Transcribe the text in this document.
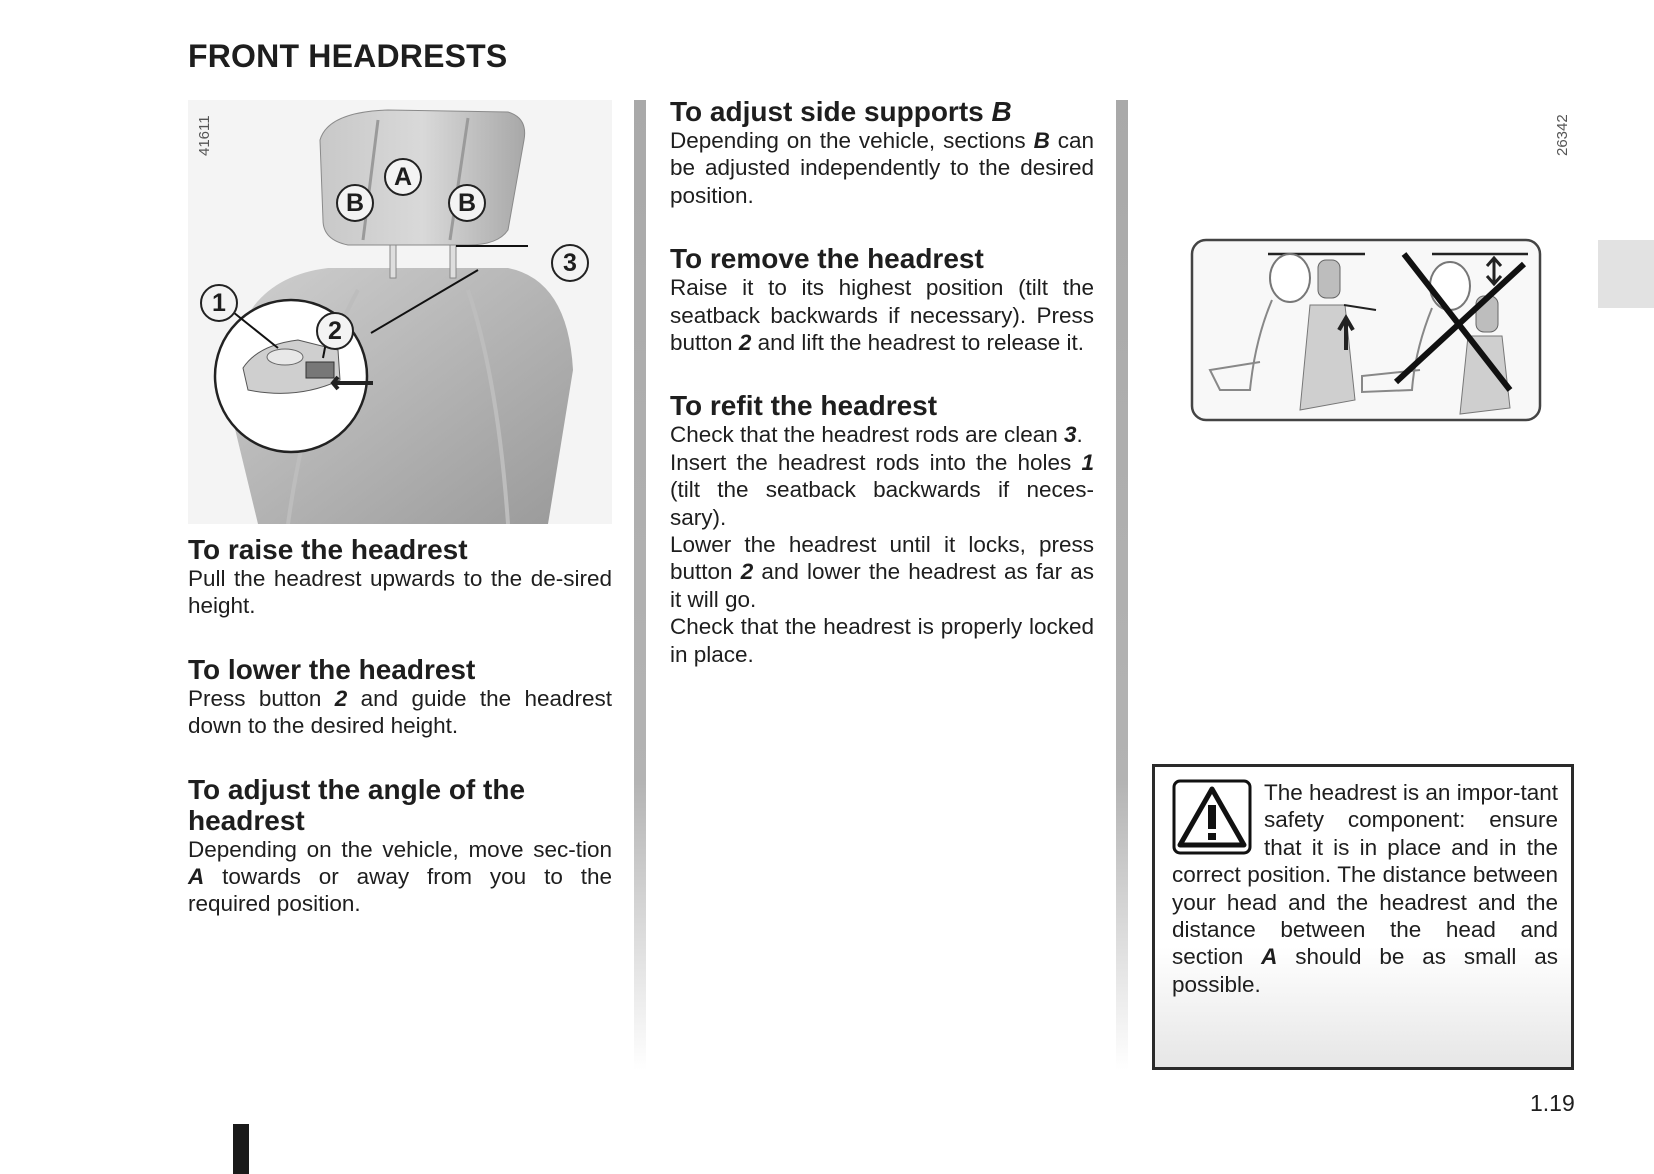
FRONT HEADRESTS
A
B	B
3
1
2
41611
To raise the headrest

Pull the headrest upwards to the de-sired height.

To lower the headrest

Press button 2 and guide the headrest down to the desired height.

To adjust the angle of the headrest

Depending on the vehicle, move sec-tion A towards or away from you to the required position.

To adjust side supports B

Depending on the vehicle, sections B can be adjusted independently to the desired position.

To remove the headrest

Raise it to its highest position (tilt the seatback backwards if necessary). Press button 2 and lift the headrest to release it.

To refit the headrest

Check that the headrest rods are clean 3.

Insert the headrest rods into the holes 1 (tilt the seatback backwards if neces-sary).

Lower the headrest until it locks, press button 2 and lower the headrest as far as it will go.

Check that the headrest is properly locked in place.

26342

The headrest is an impor-tant safety component: ensure that it is in place and in the correct position. The distance between your head and the headrest and the distance between the head and section A should be as small as possible.

1.19
